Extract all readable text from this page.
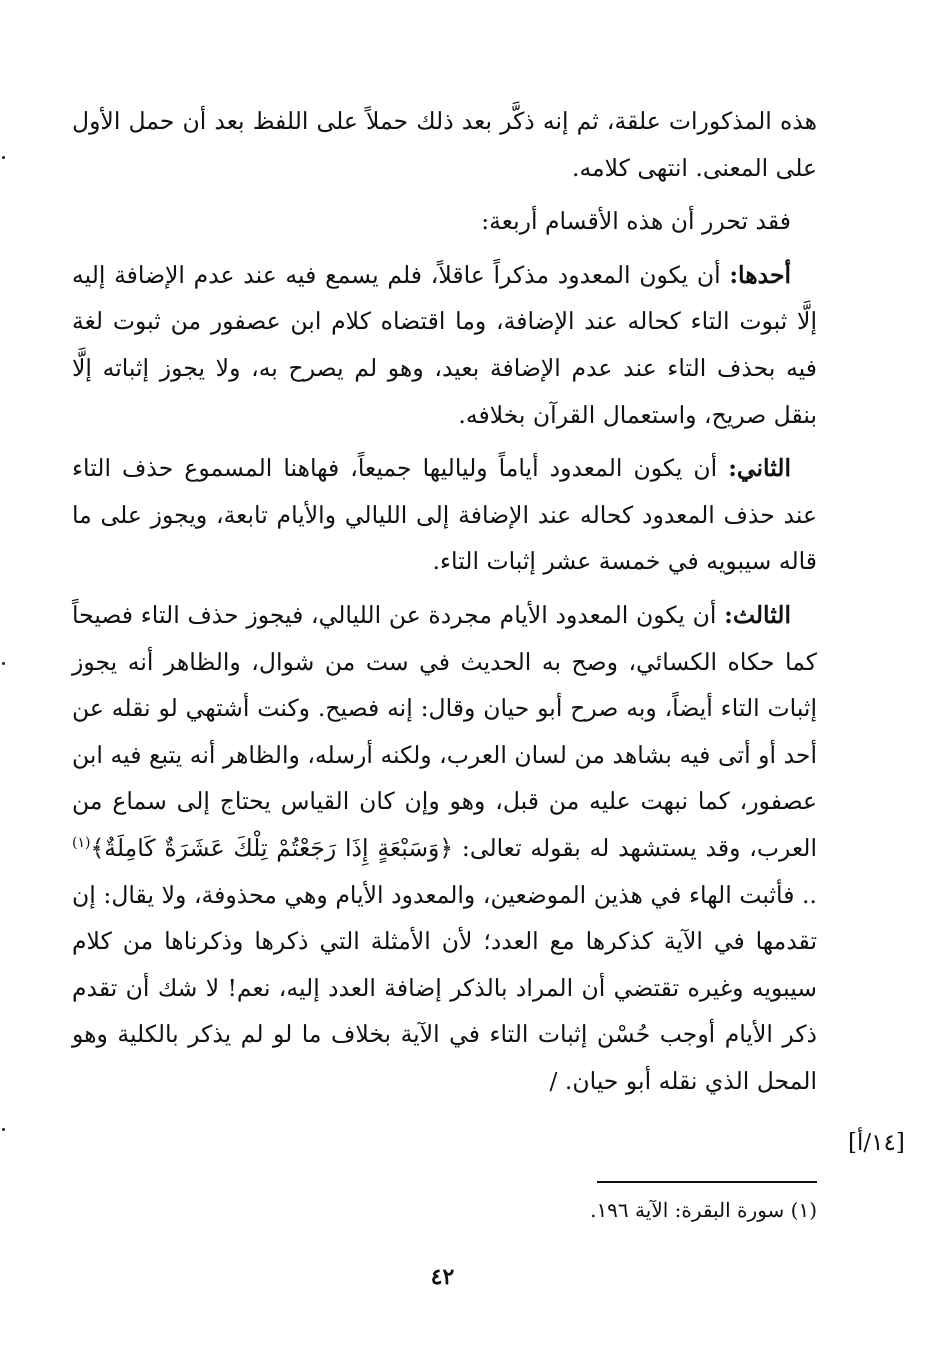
هذه المذكورات علقة، ثم إنه ذكَّر بعد ذلك حملاً على اللفظ بعد أن حمل الأول على المعنى. انتهى كلامه.

فقد تحرر أن هذه الأقسام أربعة:

أحدها: أن يكون المعدود مذكراً عاقلاً، فلم يسمع فيه عند عدم الإضافة إليه إلَّا ثبوت التاء كحاله عند الإضافة، وما اقتضاه كلام ابن عصفور من ثبوت لغة فيه بحذف التاء عند عدم الإضافة بعيد، وهو لم يصرح به، ولا يجوز إثباته إلَّا بنقل صريح، واستعمال القرآن بخلافه.

الثاني: أن يكون المعدود أياماً ولياليها جميعاً، فهاهنا المسموع حذف التاء عند حذف المعدود كحاله عند الإضافة إلى الليالي والأيام تابعة، ويجوز على ما قاله سيبويه في خمسة عشر إثبات التاء.

الثالث: أن يكون المعدود الأيام مجردة عن الليالي، فيجوز حذف التاء فصيحاً كما حكاه الكسائي، وصح به الحديث في ست من شوال، والظاهر أنه يجوز إثبات التاء أيضاً، وبه صرح أبو حيان وقال: إنه فصيح. وكنت أشتهي لو نقله عن أحد أو أتى فيه بشاهد من لسان العرب، ولكنه أرسله، والظاهر أنه يتبع فيه ابن عصفور، كما نبهت عليه من قبل، وهو وإن كان القياس يحتاج إلى سماع من العرب، وقد يستشهد له بقوله تعالى: ﴿وَسَبْعَةٍ إِذَا رَجَعْتُمْ تِلْكَ عَشَرَةٌ كَامِلَةٌ﴾$^{(١)}$ .. فأثبت الهاء في هذين الموضعين، والمعدود الأيام وهي محذوفة، ولا يقال: إن تقدمها في الآية كذكرها مع العدد؛ لأن الأمثلة التي ذكرها وذكرناها من كلام سيبويه وغيره تقتضي أن المراد بالذكر إضافة العدد إليه، نعم! لا شك أن تقدم ذكر الأيام أوجب حُسْن إثبات التاء في الآية بخلاف ما لو لم يذكر بالكلية وهو المحل الذي نقله أبو حيان. /

[١٤/أ]
(١) سورة البقرة: الآية ١٩٦.
٤٢
